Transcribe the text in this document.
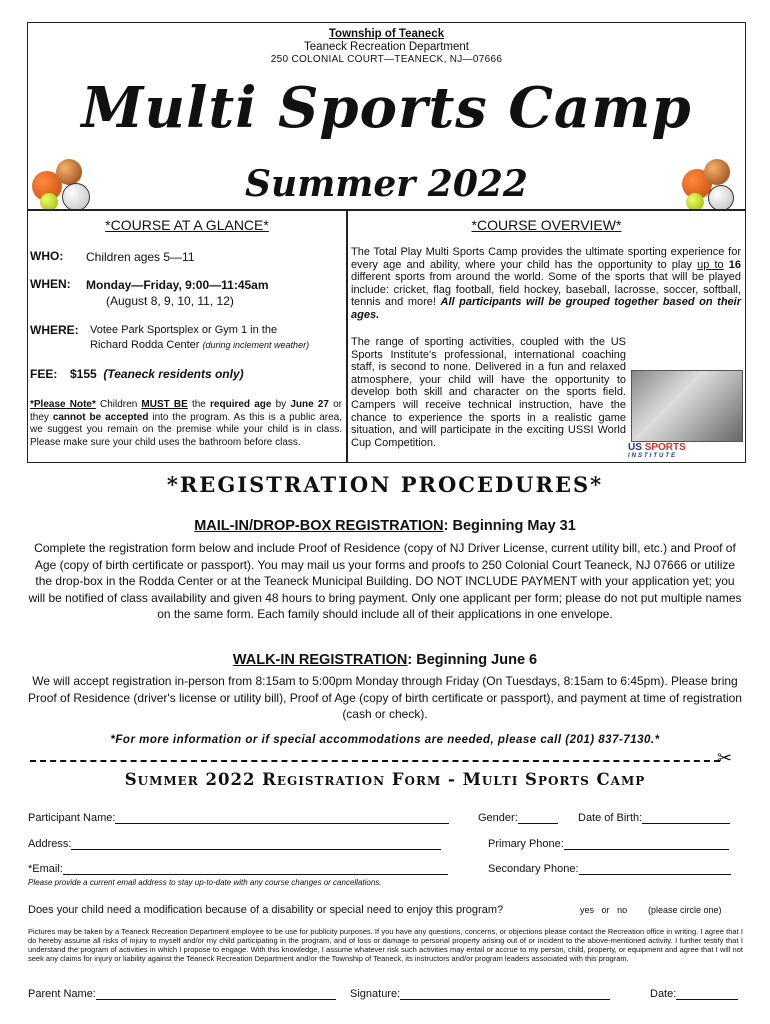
Township of Teaneck
Teaneck Recreation Department
250 COLONIAL COURT—TEANECK, NJ—07666
Multi Sports Camp
Summer 2022
*COURSE AT A GLANCE*	*COURSE OVERVIEW*
WHO: Children ages 5—11
WHEN: Monday—Friday, 9:00—11:45am
(August 8, 9, 10, 11, 12)
WHERE: Votee Park Sportsplex or Gym 1 in the
Richard Rodda Center (during inclement weather)
FEE: $155 (Teaneck residents only)
*Please Note* Children MUST BE the required age by June 27 or they cannot be accepted into the program. As this is a public area, we suggest you remain on the premise while your child is in class. Please make sure your child uses the bathroom before class.
The Total Play Multi Sports Camp provides the ultimate sporting experience for every age and ability, where your child has the opportunity to play up to 16 different sports from around the world. Some of the sports that will be played include: cricket, flag football, field hockey, baseball, lacrosse, soccer, softball, tennis and more! All participants will be grouped together based on their ages.
The range of sporting activities, coupled with the US Sports Institute's professional, international coaching staff, is second to none. Delivered in a fun and relaxed atmosphere, your child will have the opportunity to develop both skill and character on the sports field. Campers will receive technical instruction, have the chance to experience the sports in a realistic game situation, and will participate in the exciting USSI World Cup Competition.	US SPORTS
INSTITUTE
*REGISTRATION PROCEDURES*
MAIL-IN/DROP-BOX REGISTRATION: Beginning May 31
Complete the registration form below and include Proof of Residence (copy of NJ Driver License, current utility bill, etc.) and Proof of Age (copy of birth certificate or passport). You may mail us your forms and proofs to 250 Colonial Court Teaneck, NJ 07666 or utilize the drop-box in the Rodda Center or at the Teaneck Municipal Building. DO NOT INCLUDE PAYMENT with your application yet; you will be notified of class availability and given 48 hours to bring payment. Only one applicant per form; please do not put multiple names on the same form. Each family should include all of their applications in one envelope.
WALK-IN REGISTRATION: Beginning June 6
We will accept registration in-person from 8:15am to 5:00pm Monday through Friday (On Tuesdays, 8:15am to 6:45pm). Please bring Proof of Residence (driver's license or utility bill), Proof of Age (copy of birth certificate or passport), and payment at time of registration (cash or check).
*For more information or if special accommodations are needed, please call (201) 837-7130.*
✂
Summer 2022 Registration Form - Multi Sports Camp
Participant Name:	Gender:	Date of Birth:
Address:	Primary Phone:
*Email:	Secondary Phone:
Please provide a current email address to stay up-to-date with any course changes or cancellations.
Does your child need a modification because of a disability or special need to enjoy this program?	yes or no (please circle one)
Pictures may be taken by a Teaneck Recreation Department employee to be use for publicity purposes. If you have any questions, concerns, or objections please contact the Recreation office in writing. I agree that I do hereby assume all risks of injury to myself and/or my child participating in the program, and of loss or damage to personal property arising out of or incident to the above-mentioned activity. I further testify that I understand the program of activities in which I propose to engage. With this knowledge, I assume whatever risk such activities may entail or accrue to my person, child, property, or equipment and agree that I will not seek any claims for injury or liability against the Teaneck Recreation Department and/or the Township of Teaneck, its instructors and/or program leaders associated with this program.
Parent Name:	Signature:	Date:
